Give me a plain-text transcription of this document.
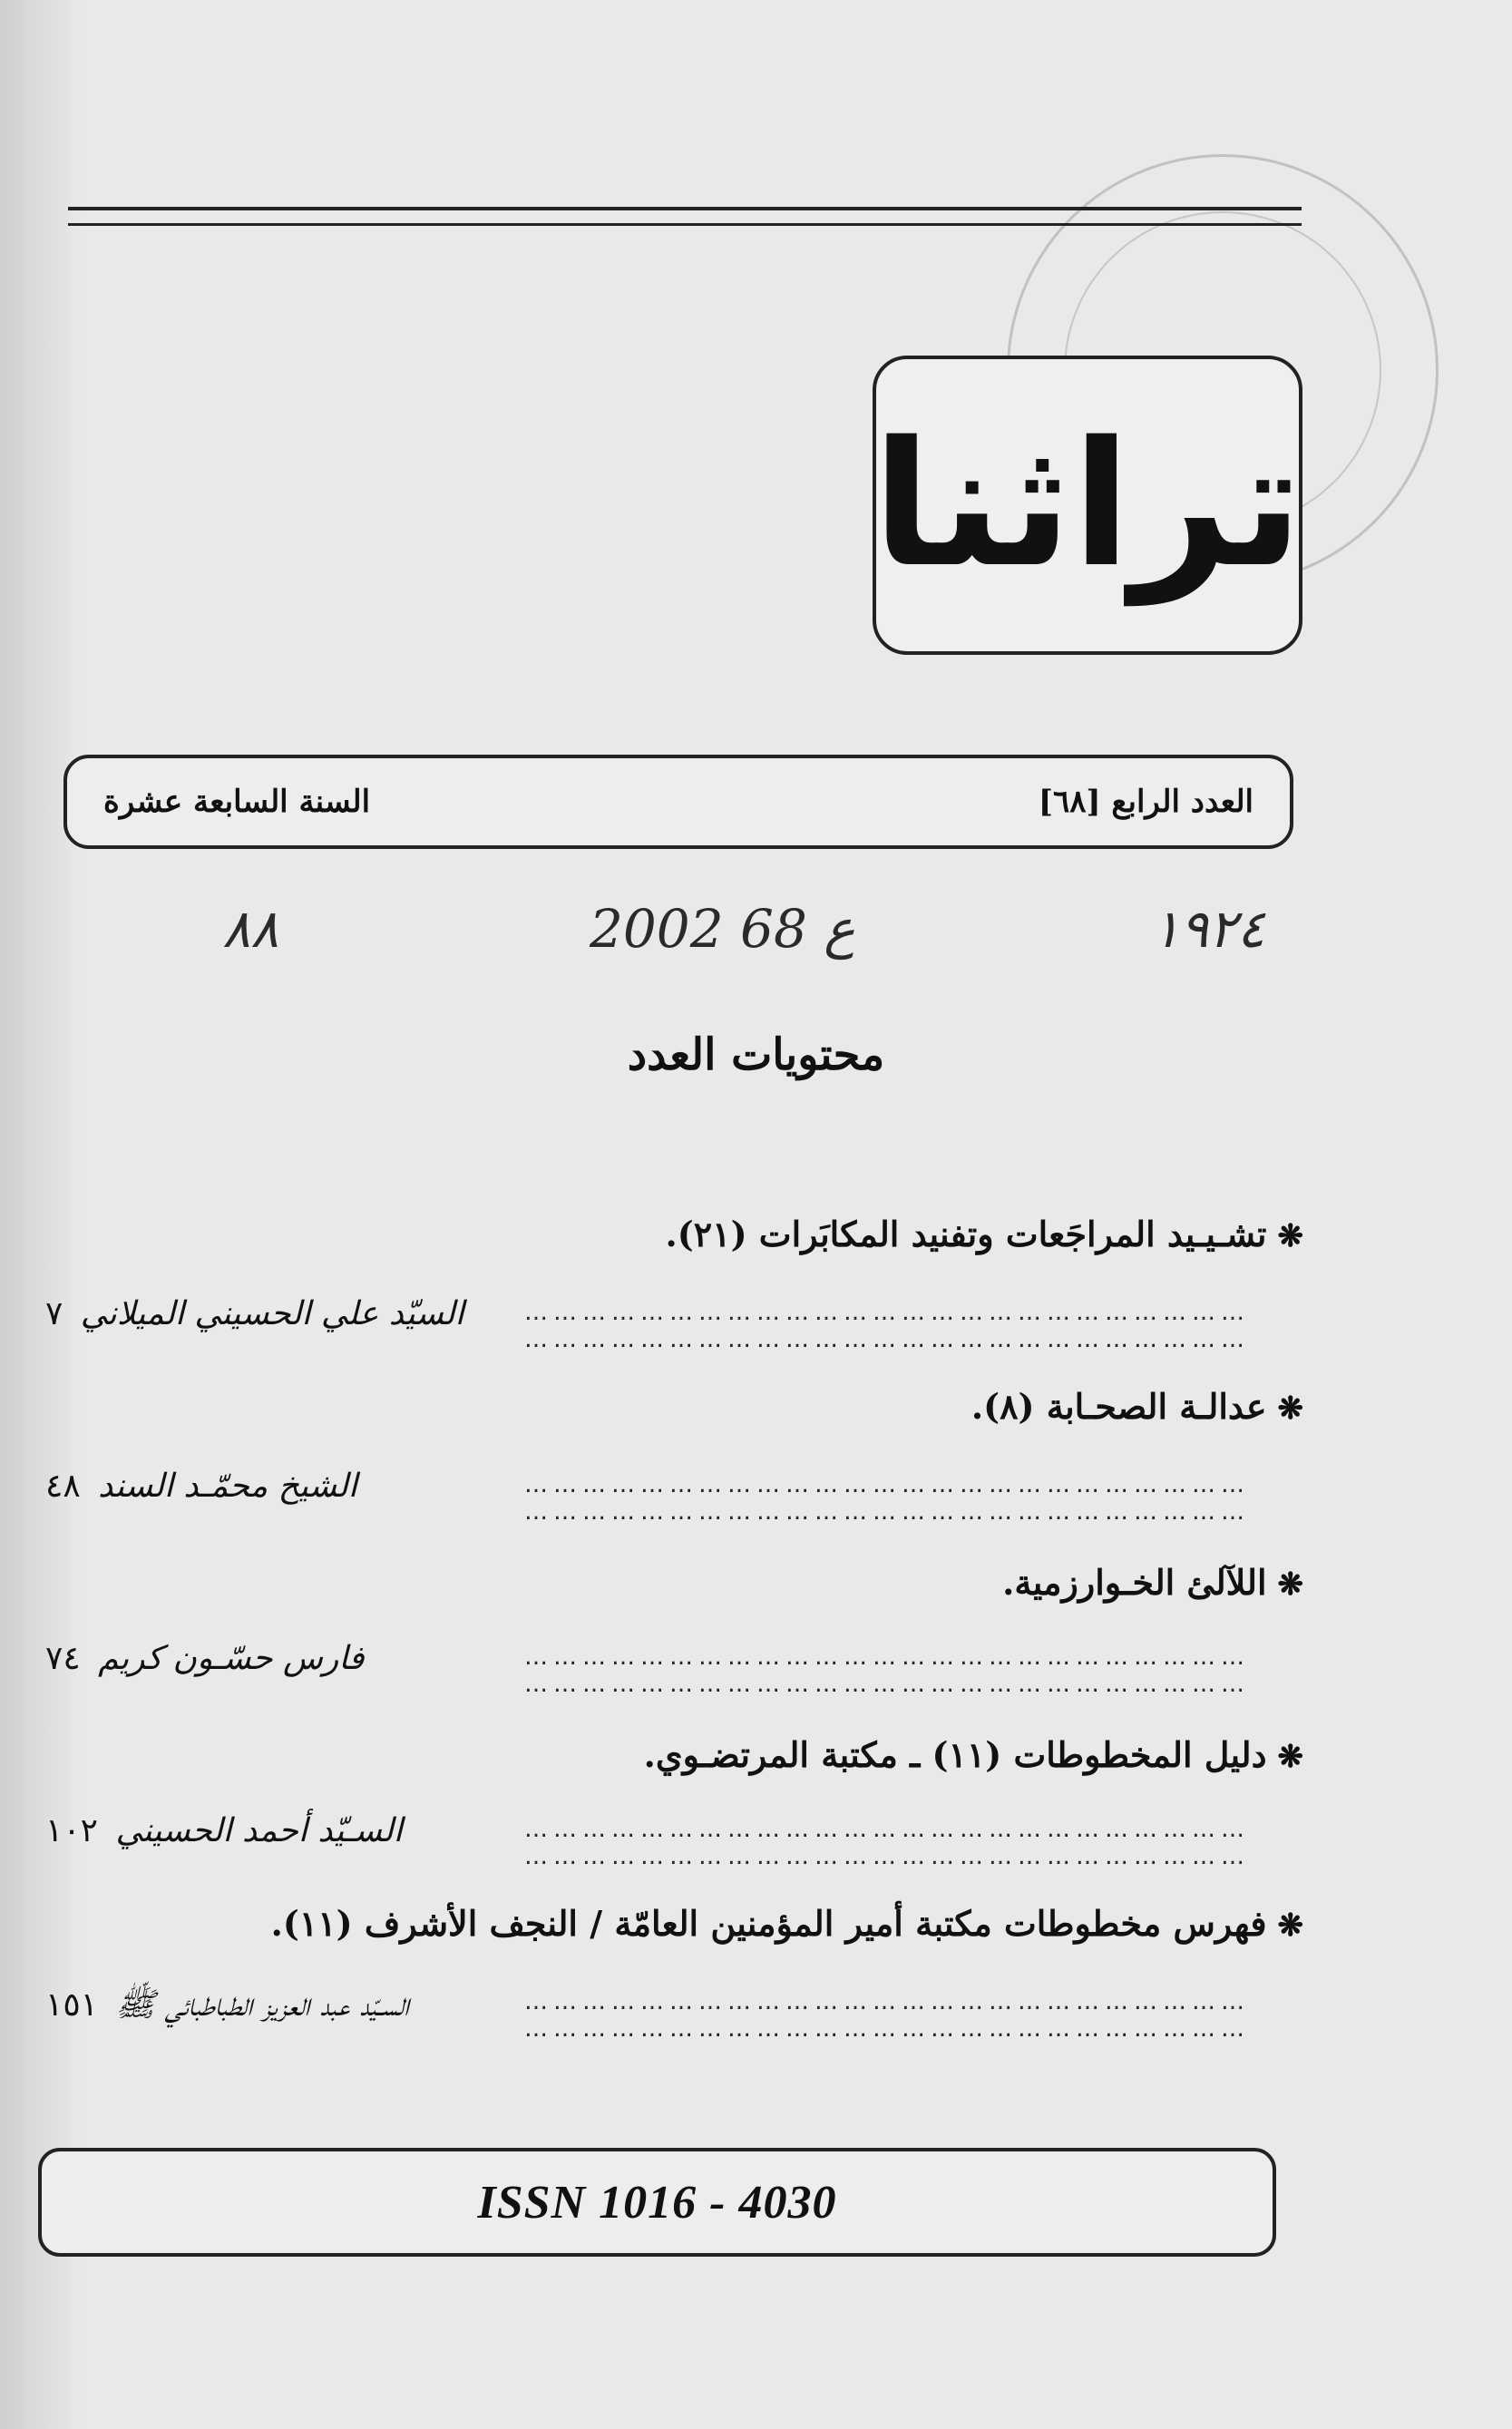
تراثنا
العدد الرابع [٦٨]
السنة السابعة عشرة
١٩٢٤
2002 ع 68
٨٨
محتويات العدد
❋تشـيـيد المراجَعات وتفنيد المكابَرات (٢١).
السيّد علي الحسيني الميلاني ٧	…………………………………………………………………
…………………………………………………………………
❋عدالـة الصحـابة (٨).
الشيخ محمّـد السند ٤٨	…………………………………………………………………
…………………………………………………………………
❋اللآلئ الخـوارزمية.
فارس حسّـون كريم ٧٤	…………………………………………………………………
…………………………………………………………………
❋دليل المخطوطات (١١) ـ مكتبة المرتضـوي.
السـيّد أحمد الحسيني ١٠٢	…………………………………………………………………
…………………………………………………………………
❋فهرس مخطوطات مكتبة أمير المؤمنين العامّة / النجف الأشرف (١١).
السـيّد عبد العزيز الطباطبائي ﷺ ١٥١	…………………………………………………………………
…………………………………………………………………
ISSN 1016 - 4030
